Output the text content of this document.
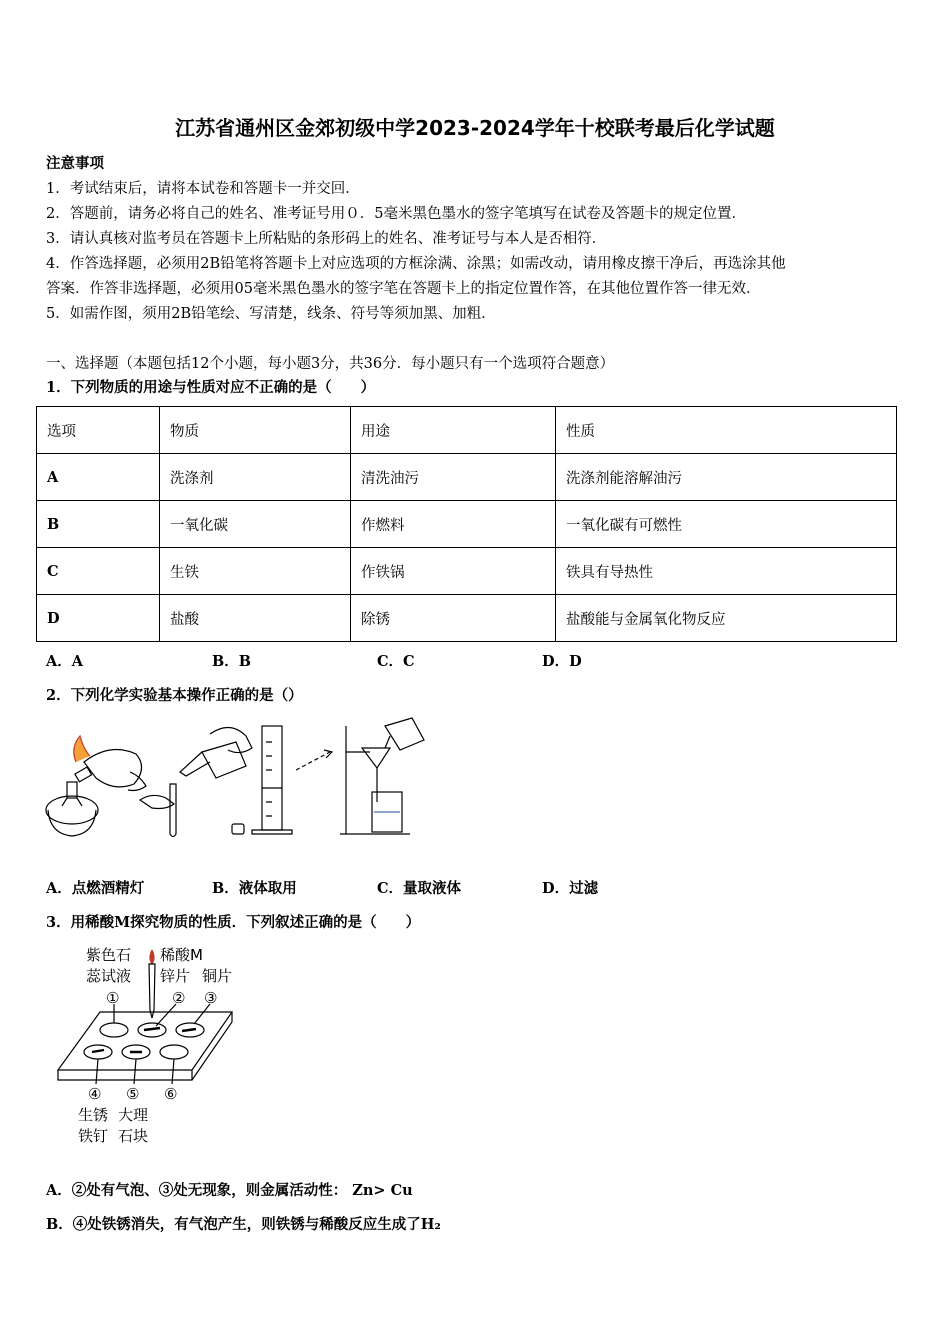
江苏省通州区金郊初级中学2023-2024学年十校联考最后化学试题
注意事项
1．考试结束后，请将本试卷和答题卡一并交回．
2．答题前，请务必将自己的姓名、准考证号用０．5毫米黑色墨水的签字笔填写在试卷及答题卡的规定位置．
3．请认真核对监考员在答题卡上所粘贴的条形码上的姓名、准考证号与本人是否相符．
4．作答选择题，必须用2B铅笔将答题卡上对应选项的方框涂满、涂黑；如需改动，请用橡皮擦干净后，再选涂其他
答案．作答非选择题，必须用05毫米黑色墨水的签字笔在答题卡上的指定位置作答，在其他位置作答一律无效．
5．如需作图，须用2B铅笔绘、写清楚，线条、符号等须加黑、加粗．
一、选择题（本题包括12个小题，每小题3分，共36分．每小题只有一个选项符合题意）
1．下列物质的用途与性质对应不正确的是（　　）
选项	物质	用途	性质
A	洗涤剂	清洗油污	洗涤剂能溶解油污
B	一氧化碳	作燃料	一氧化碳有可燃性
C	生铁	作铁锅	铁具有导热性
D	盐酸	除锈	盐酸能与金属氧化物反应
A．A	B．B	C．C	D．D
2．下列化学实验基本操作正确的是（）
A．点燃酒精灯	B．液体取用	C．量取液体	D．过滤
3．用稀酸M探究物质的性质．下列叙述正确的是（　　）
紫色石
蕊试液
稀酸M
锌片 铜片
①	② ③
④ ⑤ ⑥
生锈
铁钉
大理
石块
A．②处有气泡、③处无现象，则金属活动性： Zn> Cu
B．④处铁锈消失，有气泡产生，则铁锈与稀酸反应生成了H₂
